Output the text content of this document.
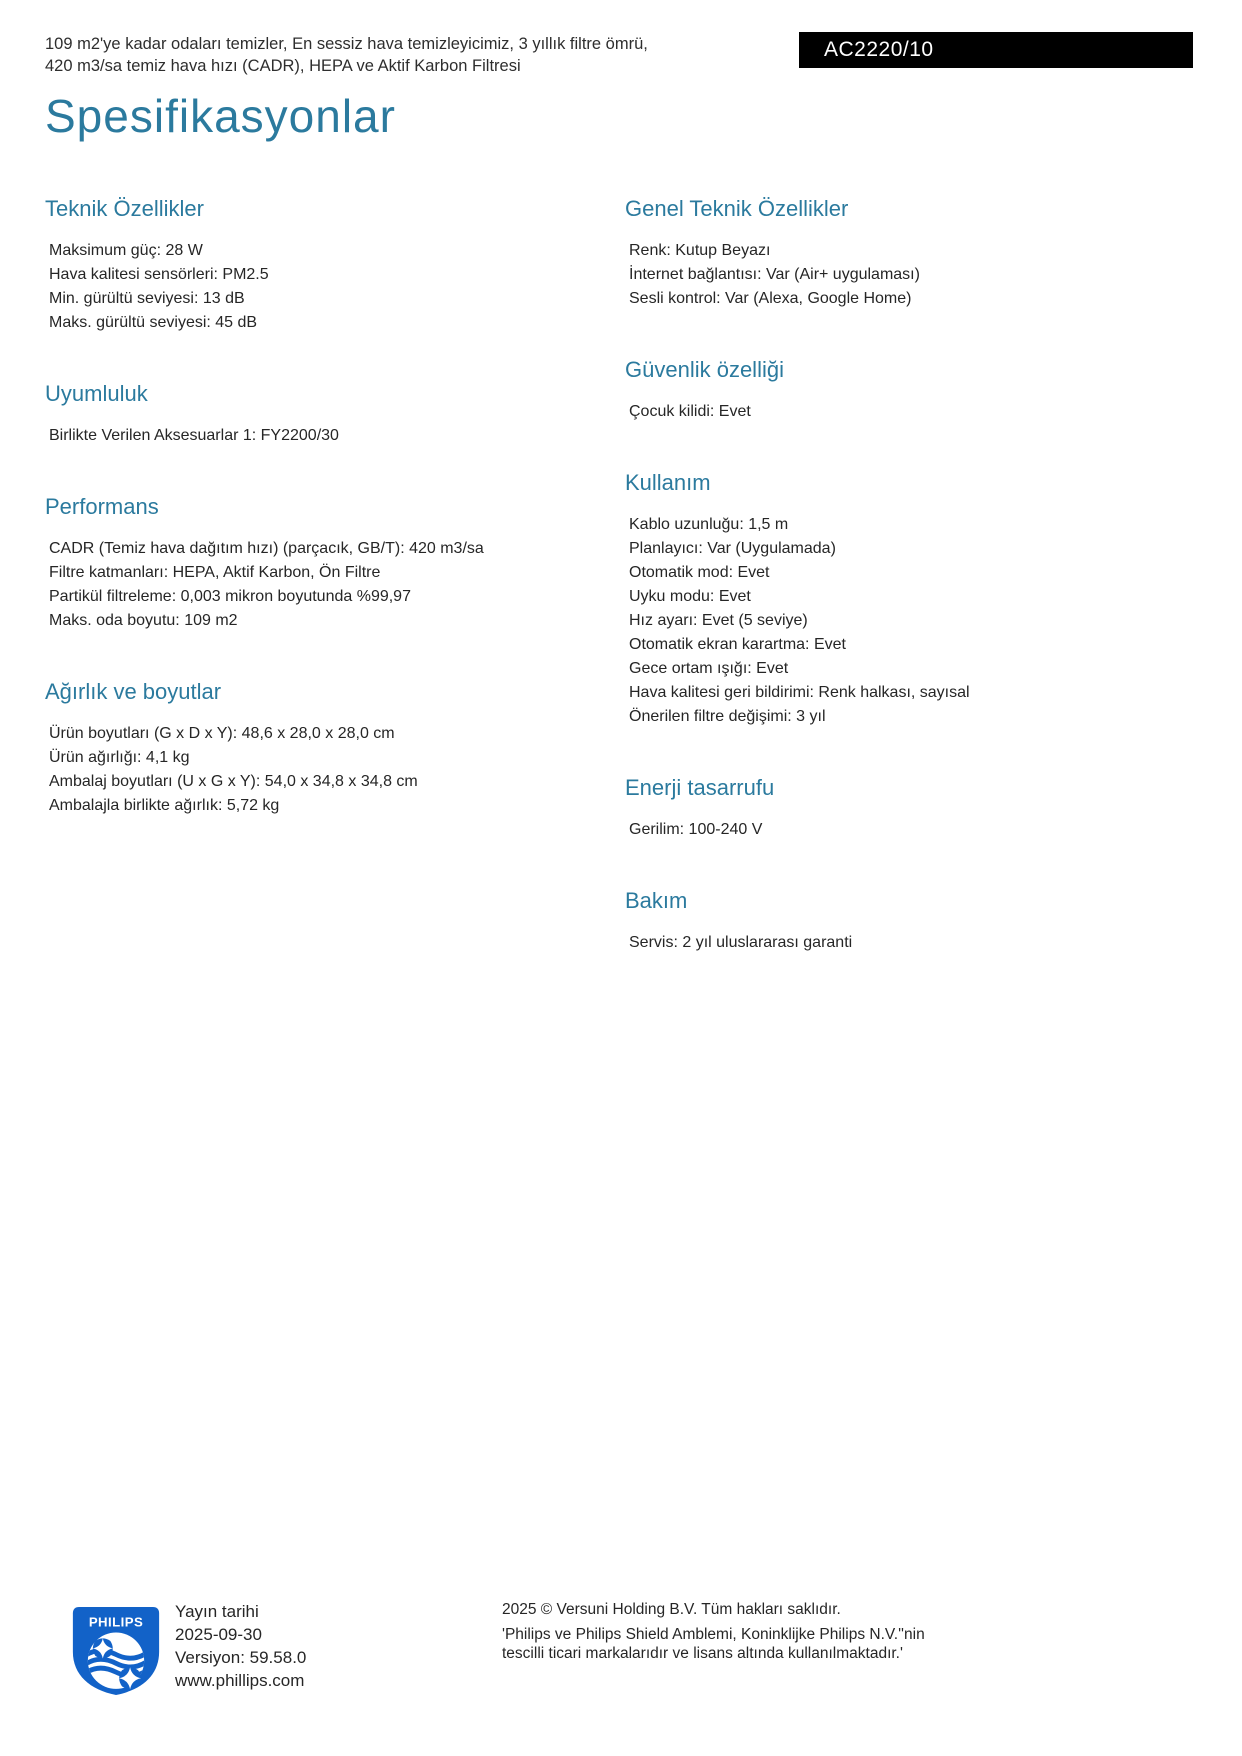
109 m2'ye kadar odaları temizler, En sessiz hava temizleyicimiz, 3 yıllık filtre ömrü,
420 m3/sa temiz hava hızı (CADR), HEPA ve Aktif Karbon Filtresi
AC2220/10
Spesifikasyonlar
Teknik Özellikler
Maksimum güç: 28 W
Hava kalitesi sensörleri: PM2.5
Min. gürültü seviyesi: 13 dB
Maks. gürültü seviyesi: 45 dB
Uyumluluk
Birlikte Verilen Aksesuarlar 1: FY2200/30
Performans
CADR (Temiz hava dağıtım hızı) (parçacık, GB/T): 420 m3/sa
Filtre katmanları: HEPA, Aktif Karbon, Ön Filtre
Partikül filtreleme: 0,003 mikron boyutunda %99,97
Maks. oda boyutu: 109 m2
Ağırlık ve boyutlar
Ürün boyutları (G x D x Y): 48,6 x 28,0 x 28,0 cm
Ürün ağırlığı: 4,1 kg
Ambalaj boyutları (U x G x Y): 54,0 x 34,8 x 34,8 cm
Ambalajla birlikte ağırlık: 5,72 kg
Genel Teknik Özellikler
Renk: Kutup Beyazı
İnternet bağlantısı: Var (Air+ uygulaması)
Sesli kontrol: Var (Alexa, Google Home)
Güvenlik özelliği
Çocuk kilidi: Evet
Kullanım
Kablo uzunluğu: 1,5 m
Planlayıcı: Var (Uygulamada)
Otomatik mod: Evet
Uyku modu: Evet
Hız ayarı: Evet (5 seviye)
Otomatik ekran karartma: Evet
Gece ortam ışığı: Evet
Hava kalitesi geri bildirimi: Renk halkası, sayısal
Önerilen filtre değişimi: 3 yıl
Enerji tasarrufu
Gerilim: 100-240 V
Bakım
Servis: 2 yıl uluslararası garanti
PHILIPS
Yayın tarihi
2025-09-30
Versiyon: 59.58.0
www.phillips.com
2025 © Versuni Holding B.V. Tüm hakları saklıdır.
'Philips ve Philips Shield Amblemi, Koninklijke Philips N.V.''nin tescilli ticari markalarıdır ve lisans altında kullanılmaktadır.'
